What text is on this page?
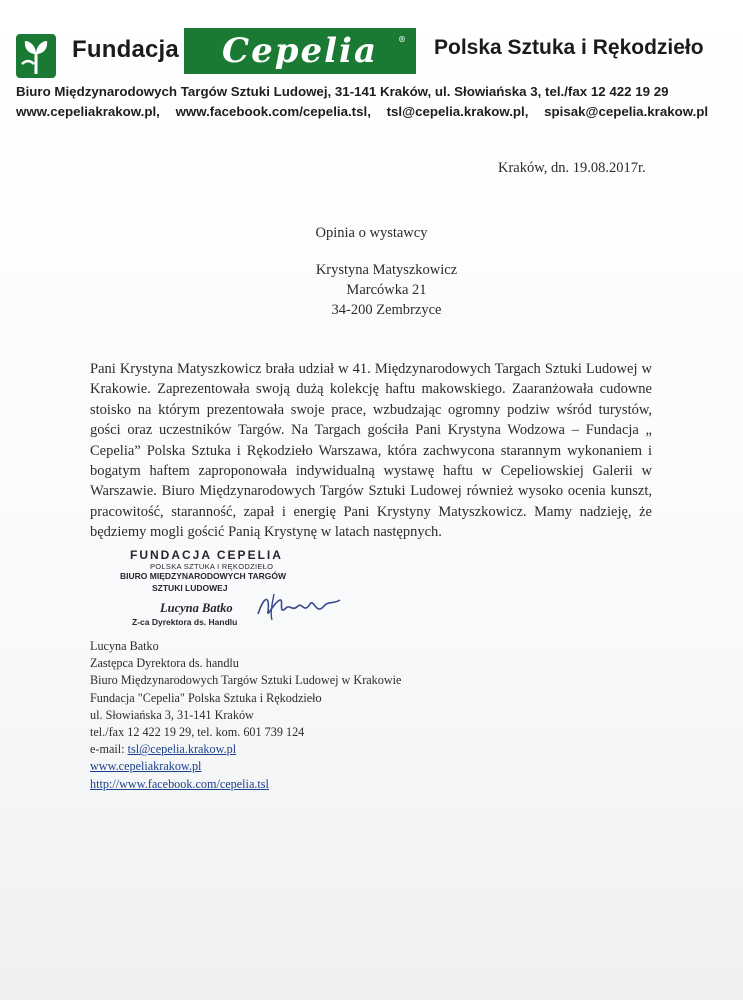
Fundacja Cepelia	® Polska Sztuka i Rękodzieło
Biuro Międzynarodowych Targów Sztuki Ludowej, 31-141 Kraków, ul. Słowiańska 3, tel./fax 12 422 19 29
www.cepeliakrakow.pl, www.facebook.com/cepelia.tsl, tsl@cepelia.krakow.pl, spisak@cepelia.krakow.pl
Kraków, dn. 19.08.2017r.
Opinia o wystawcy
Krystyna Matyszkowicz
Marcówka 21
34-200 Zembrzyce
Pani Krystyna Matyszkowicz brała udział w 41. Międzynarodowych Targach Sztuki Ludowej w Krakowie. Zaprezentowała swoją dużą kolekcję haftu makowskiego. Zaaranżowała cudowne stoisko na którym prezentowała swoje prace, wzbudzając ogromny podziw wśród turystów, gości oraz uczestników Targów. Na Targach gościła Pani Krystyna Wodzowa – Fundacja „ Cepelia” Polska Sztuka i Rękodzieło Warszawa, która zachwycona starannym wykonaniem i bogatym haftem zaproponowała indywidualną wystawę haftu w Cepeliowskiej Galerii w Warszawie. Biuro Międzynarodowych Targów Sztuki Ludowej również wysoko ocenia kunszt, pracowitość, staranność, zapał i energię Pani Krystyny Matyszkowicz. Mamy nadzieję, że będziemy mogli gościć Panią Krystynę w latach następnych.
FUNDACJA CEPELIA
POLSKA SZTUKA I RĘKODZIEŁO
BIURO MIĘDZYNARODOWYCH TARGÓW
SZTUKI LUDOWEJ
Lucyna Batko
Z-ca Dyrektora ds. Handlu
Lucyna Batko
Zastępca Dyrektora ds. handlu
Biuro Międzynarodowych Targów Sztuki Ludowej w Krakowie
Fundacja "Cepelia" Polska Sztuka i Rękodzieło
ul. Słowiańska 3, 31-141 Kraków
tel./fax 12 422 19 29, tel. kom. 601 739 124
e-mail: tsl@cepelia.krakow.pl
www.cepeliakrakow.pl
http://www.facebook.com/cepelia.tsl
